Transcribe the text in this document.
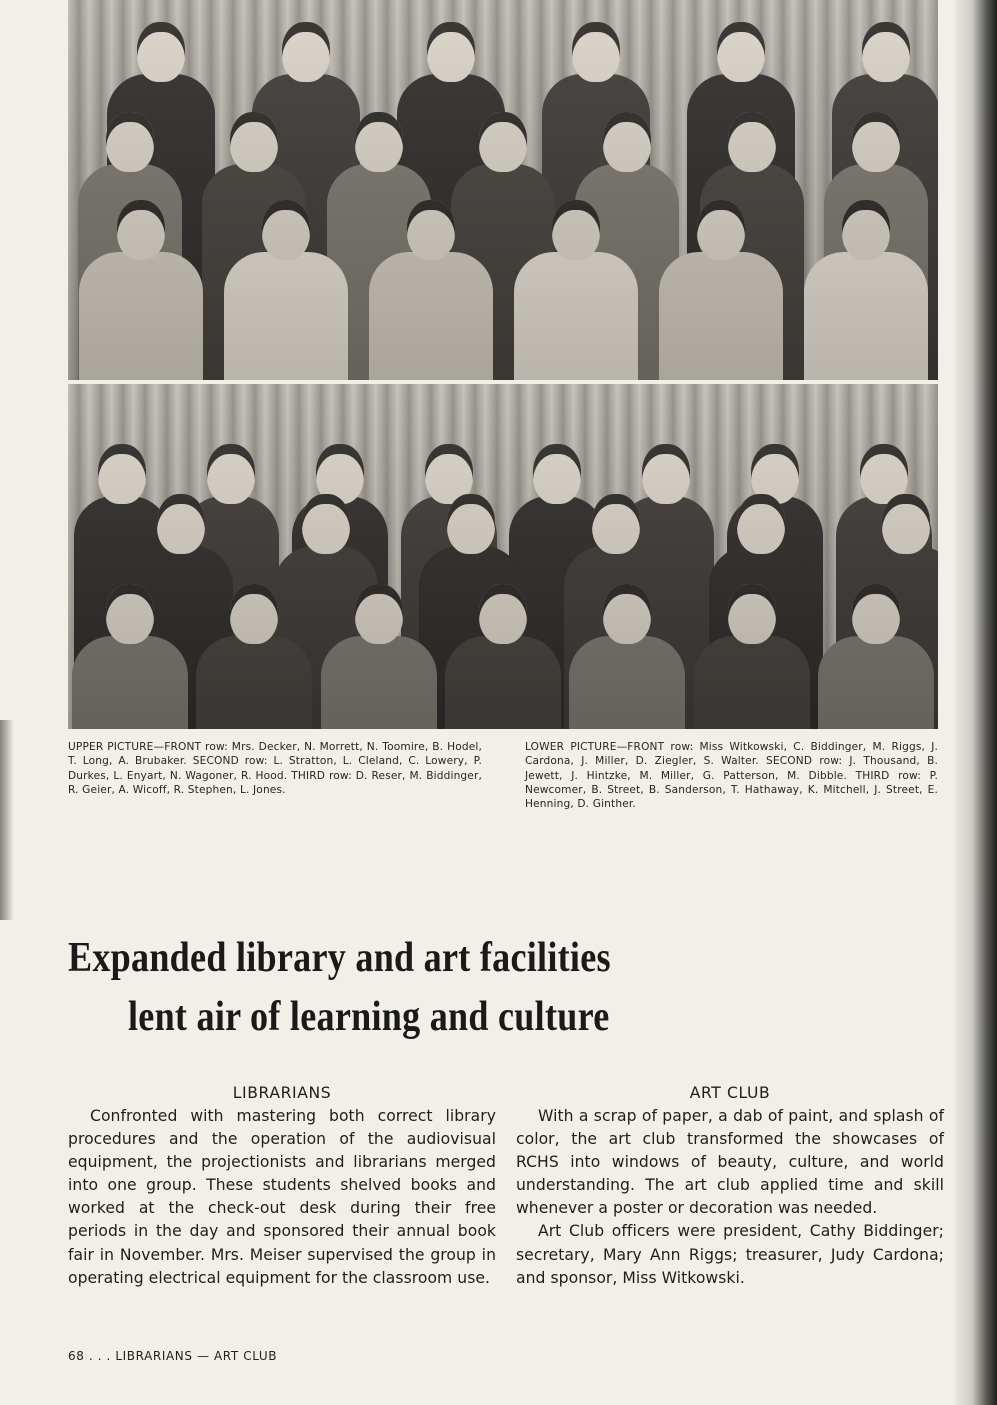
UPPER PICTURE—FRONT row: Mrs. Decker, N. Morrett, N. Toomire, B. Hodel, T. Long, A. Brubaker. SECOND row: L. Stratton, L. Cleland, C. Lowery, P. Durkes, L. Enyart, N. Wagoner, R. Hood. THIRD row: D. Reser, M. Biddinger, R. Geier, A. Wicoff, R. Stephen, L. Jones.
LOWER PICTURE—FRONT row: Miss Witkowski, C. Biddinger, M. Riggs, J. Cardona, J. Miller, D. Ziegler, S. Walter. SECOND row: J. Thousand, B. Jewett, J. Hintzke, M. Miller, G. Patterson, M. Dibble. THIRD row: P. Newcomer, B. Street, B. Sanderson, T. Hathaway, K. Mitchell, J. Street, E. Henning, D. Ginther.
Expanded library and art facilities
lent air of learning and culture
LIBRARIANS

Confronted with mastering both correct library procedures and the operation of the audiovisual equipment, the projectionists and librarians merged into one group. These students shelved books and worked at the check-out desk during their free periods in the day and sponsored their annual book fair in November. Mrs. Meiser supervised the group in operating electrical equipment for the classroom use.

ART CLUB

With a scrap of paper, a dab of paint, and splash of color, the art club transformed the showcases of RCHS into windows of beauty, culture, and world understanding. The art club applied time and skill whenever a poster or decoration was needed.

Art Club officers were president, Cathy Biddinger; secretary, Mary Ann Riggs; treasurer, Judy Cardona; and sponsor, Miss Witkowski.

68 . . . LIBRARIANS — ART CLUB
